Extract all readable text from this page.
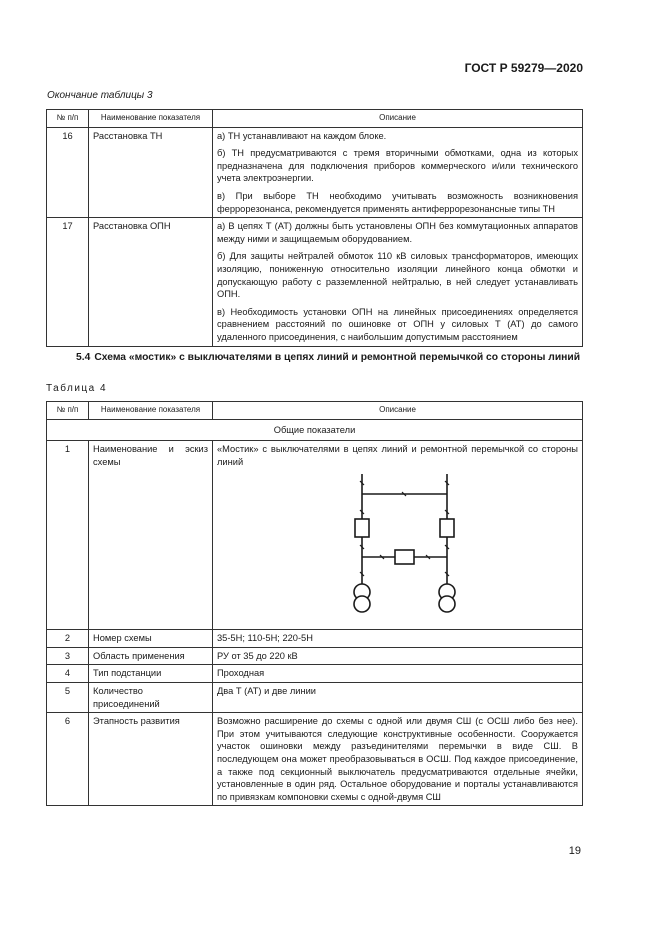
ГОСТ Р 59279—2020
Окончание таблицы 3
№ п/п	Наименование показателя	Описание
16	Расстановка ТН	а) ТН устанавливают на каждом блоке.
б) ТН предусматриваются с тремя вторичными обмотками, одна из которых предназначена для подключения приборов коммерческого и/или технического учета электроэнергии.
в) При выборе ТН необходимо учитывать возможность возникновения феррорезонанса, рекомендуется применять антиферрорезонансные типы ТН

17	Расстановка ОПН	а) В цепях Т (АТ) должны быть установлены ОПН без коммутационных аппаратов между ними и защищаемым оборудованием.
б) Для защиты нейтралей обмоток 110 кВ силовых трансформаторов, имеющих изоляцию, пониженную относительно изоляции линейного конца обмотки и допускающую работу с разземленной нейтралью, в ней следует устанавливать ОПН.
в) Необходимость установки ОПН на линейных присоединениях определяется сравнением расстояний по ошиновке от ОПН у силовых Т (АТ) до самого удаленного присоединения, с наибольшим допустимым расстоянием
5.4 Схема «мостик» с выключателями в цепях линий и ремонтной перемычкой со стороны линий
Таблица 4
№ п/п	Наименование показателя	Описание
Общие показатели		
1	Наименование и эскиз схемы	«Мостик» с выключателями в цепях линий и ремонтной перемычкой со стороны линий

2	Номер схемы	35-5Н; 110-5Н; 220-5Н
3	Область применения	РУ от 35 до 220 кВ
4	Тип подстанции	Проходная
5	Количество присоединений	Два Т (АТ) и две линии
6	Этапность развития	Возможно расширение до схемы с одной или двумя СШ (с ОСШ либо без нее). При этом учитываются следующие конструктивные особенности. Сооружается участок ошиновки между разъединителями перемычки в виде СШ. В последующем она может преобразовываться в ОСШ. Под каждое присоединение, а также под секционный выключатель предусматриваются отдельные ячейки, установленные в один ряд. Остальное оборудование и порталы устанавливаются по привязкам компоновки схемы с одной-двумя СШ
19
